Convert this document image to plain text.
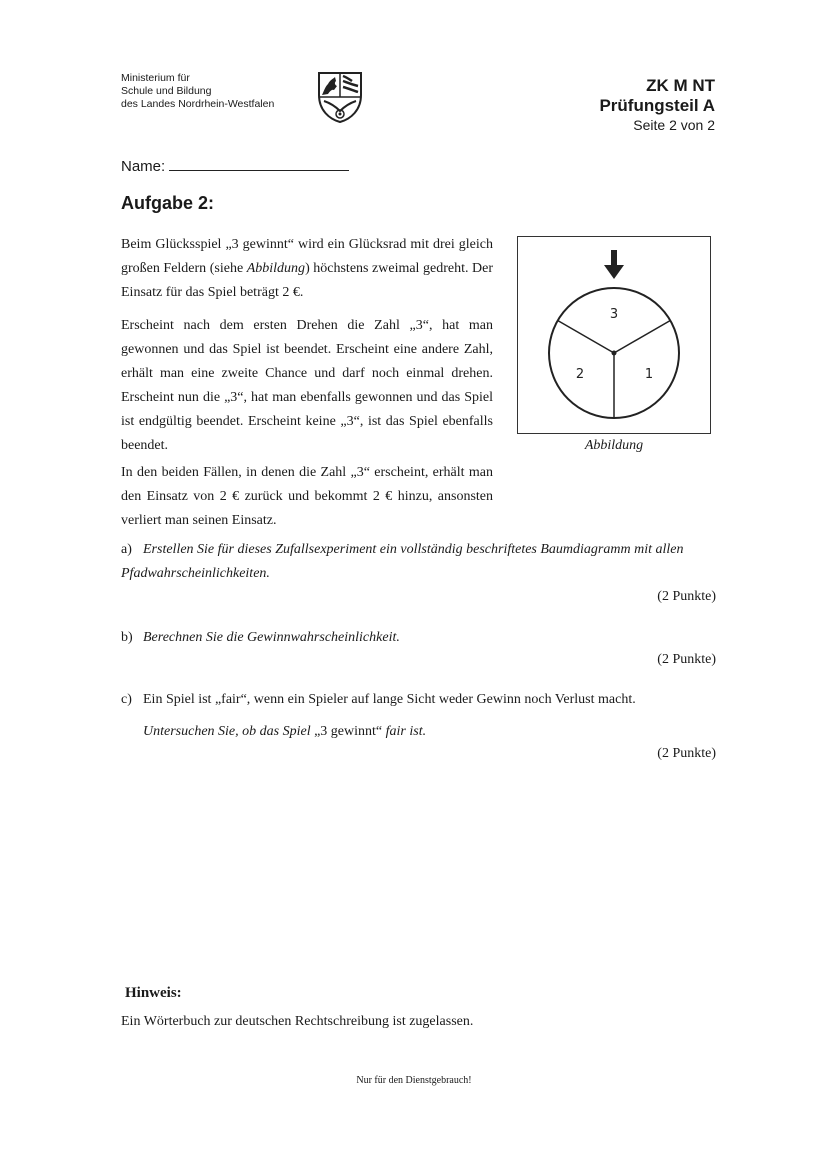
Ministerium für
Schule und Bildung
des Landes Nordrhein-Westfalen
ZK M NT
Prüfungsteil A
Seite 2 von 2
Name:
Aufgabe 2:
Beim Glücksspiel „3 gewinnt“ wird ein Glücksrad mit drei gleich großen Feldern (siehe Abbildung) höchstens zweimal gedreht. Der Einsatz für das Spiel beträgt 2 €.
Erscheint nach dem ersten Drehen die Zahl „3“, hat man gewonnen und das Spiel ist beendet. Erscheint eine andere Zahl, erhält man eine zweite Chance und darf noch einmal drehen. Erscheint nun die „3“, hat man ebenfalls gewonnen und das Spiel ist endgültig beendet. Erscheint keine „3“, ist das Spiel ebenfalls beendet.
In den beiden Fällen, in denen die Zahl „3“ erscheint, erhält man den Einsatz von 2 € zurück und bekommt 2 € hinzu, ansonsten verliert man seinen Einsatz.
3
1
2
Abbildung
a) Erstellen Sie für dieses Zufallsexperiment ein vollständig beschriftetes Baumdiagramm mit allen Pfadwahrscheinlichkeiten.
(2 Punkte)
b) Berechnen Sie die Gewinnwahrscheinlichkeit.
(2 Punkte)
c) Ein Spiel ist „fair“, wenn ein Spieler auf lange Sicht weder Gewinn noch Verlust macht.
Untersuchen Sie, ob das Spiel „3 gewinnt“ fair ist.
(2 Punkte)
Hinweis:
Ein Wörterbuch zur deutschen Rechtschreibung ist zugelassen.
Nur für den Dienstgebrauch!
